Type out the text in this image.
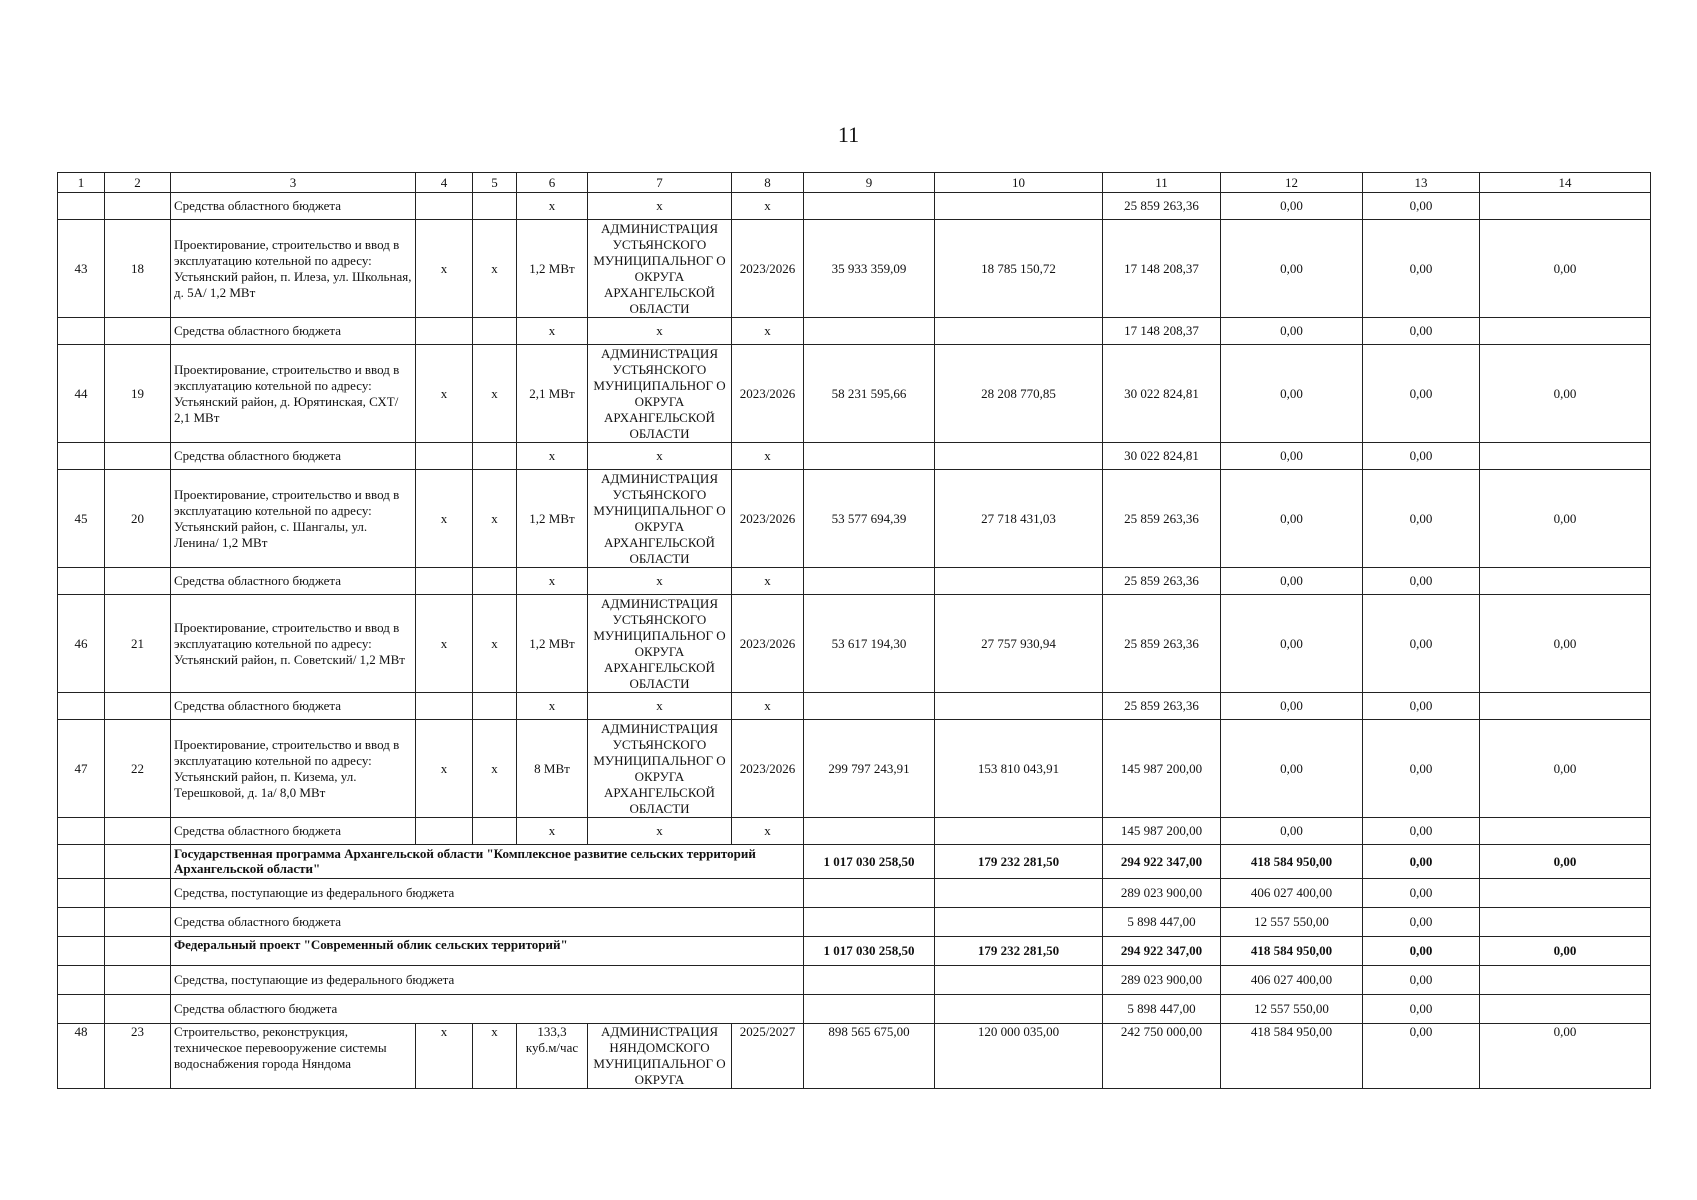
11
1	2	3	4	5	6	7	8	9	10	11	12	13	14
		Средства областного бюджета			х	х	х			25 859 263,36	0,00	0,00	
43	18	Проектирование, строительство и ввод в эксплуатацию котельной по адресу: Устьянский район, п. Илеза, ул. Школьная, д. 5А/ 1,2 МВт	х	х	1,2 МВт	АДМИНИСТРАЦИЯ УСТЬЯНСКОГО МУНИЦИПАЛЬНОГ О ОКРУГА АРХАНГЕЛЬСКОЙ ОБЛАСТИ	2023/2026	35 933 359,09	18 785 150,72	17 148 208,37	0,00	0,00	0,00
		Средства областного бюджета			х	х	х			17 148 208,37	0,00	0,00	
44	19	Проектирование, строительство и ввод в эксплуатацию котельной по адресу: Устьянский район, д. Юрятинская, СХТ/ 2,1 МВт	х	х	2,1 МВт	АДМИНИСТРАЦИЯ УСТЬЯНСКОГО МУНИЦИПАЛЬНОГ О ОКРУГА АРХАНГЕЛЬСКОЙ ОБЛАСТИ	2023/2026	58 231 595,66	28 208 770,85	30 022 824,81	0,00	0,00	0,00
		Средства областного бюджета			х	х	х			30 022 824,81	0,00	0,00	
45	20	Проектирование, строительство и ввод в эксплуатацию котельной по адресу: Устьянский район, с. Шангалы, ул. Ленина/ 1,2 МВт	х	х	1,2 МВт	АДМИНИСТРАЦИЯ УСТЬЯНСКОГО МУНИЦИПАЛЬНОГ О ОКРУГА АРХАНГЕЛЬСКОЙ ОБЛАСТИ	2023/2026	53 577 694,39	27 718 431,03	25 859 263,36	0,00	0,00	0,00
		Средства областного бюджета			х	х	х			25 859 263,36	0,00	0,00	
46	21	Проектирование, строительство и ввод в эксплуатацию котельной по адресу: Устьянский район, п. Советский/ 1,2 МВт	х	х	1,2 МВт	АДМИНИСТРАЦИЯ УСТЬЯНСКОГО МУНИЦИПАЛЬНОГ О ОКРУГА АРХАНГЕЛЬСКОЙ ОБЛАСТИ	2023/2026	53 617 194,30	27 757 930,94	25 859 263,36	0,00	0,00	0,00
		Средства областного бюджета			х	х	х			25 859 263,36	0,00	0,00	
47	22	Проектирование, строительство и ввод в эксплуатацию котельной по адресу: Устьянский район, п. Кизема, ул. Терешковой, д. 1а/ 8,0 МВт	х	х	8 МВт	АДМИНИСТРАЦИЯ УСТЬЯНСКОГО МУНИЦИПАЛЬНОГ О ОКРУГА АРХАНГЕЛЬСКОЙ ОБЛАСТИ	2023/2026	299 797 243,91	153 810 043,91	145 987 200,00	0,00	0,00	0,00
		Средства областного бюджета			х	х	х			145 987 200,00	0,00	0,00	
		Государственная программа Архангельской области "Комплексное развитие сельских территорий Архангельской области"						1 017 030 258,50	179 232 281,50	294 922 347,00	418 584 950,00	0,00	0,00
		Средства, поступающие из федерального бюджета								289 023 900,00	406 027 400,00	0,00	
		Средства областного бюджета								5 898 447,00	12 557 550,00	0,00	
		Федеральный проект "Современный облик сельских территорий"						1 017 030 258,50	179 232 281,50	294 922 347,00	418 584 950,00	0,00	0,00
		Средства, поступающие из федерального бюджета								289 023 900,00	406 027 400,00	0,00	
		Средства областюго бюджета								5 898 447,00	12 557 550,00	0,00	
48	23	Строительство, реконструкция, техническое перевооружение системы водоснабжения города Няндома	х	х	133,3 куб.м/час	АДМИНИСТРАЦИЯ НЯНДОМСКОГО МУНИЦИПАЛЬНОГ О ОКРУГА	2025/2027	898 565 675,00	120 000 035,00	242 750 000,00	418 584 950,00	0,00	0,00
